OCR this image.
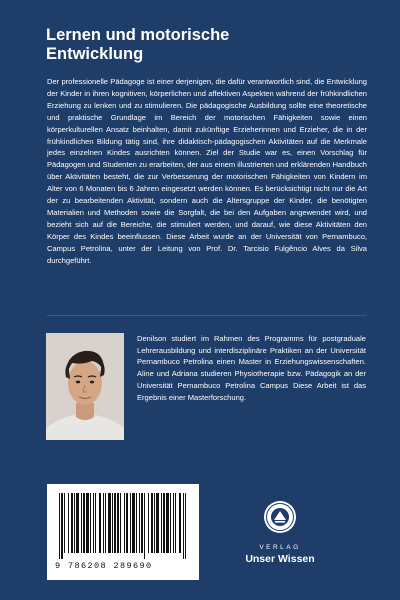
Lernen und motorische
Entwicklung

Der professionelle Pädagoge ist einer derjenigen, die dafür verantwortlich sind, die Entwicklung der Kinder in ihren kognitiven, körperlichen und affektiven Aspekten während der frühkindlichen Erziehung zu lenken und zu stimulieren. Die pädagogische Ausbildung sollte eine theoretische und praktische Grundlage im Bereich der motorischen Fähigkeiten sowie einen körperkulturellen Ansatz beinhalten, damit zukünftige Erzieherinnen und Erzieher, die in der frühkindlichen Bildung tätig sind, ihre didaktisch-pädagogischen Aktivitäten auf die Merkmale jedes einzelnen Kindes ausrichten können. Ziel der Studie war es, einen Vorschlag für Pädagogen und Studenten zu erarbeiten, der aus einem illustrierten und erklärenden Handbuch über Aktivitäten besteht, die zur Verbesserung der motorischen Fähigkeiten von Kindern im Alter von 6 Monaten bis 6 Jahren eingesetzt werden können. Es berücksichtigt nicht nur die Art der zu bearbeitenden Aktivität, sondern auch die Altersgruppe der Kinder, die benötigten Materialien und Methoden sowie die Sorgfalt, die bei den Aufgaben angewendet wird, und bezieht sich auf die Bereiche, die stimuliert werden, und darauf, wie diese Aktivitäten den Körper des Kindes beeinflussen. Diese Arbeit wurde an der Universität von Pernambuco, Campus Petrolina, unter der Leitung von Prof. Dr. Tarcisio Fulgêncio Alves da Silva durchgeführt.

Denilson studiert im Rahmen des Programms für postgraduale Lehrerausbildung und interdisziplinäre Praktiken an der Universität Pernambuco Petrolina einen Master in Erziehungswissenschaften. Aline und Adriana studieren Physiotherapie bzw. Pädagogik an der Universität Pernambuco Petrolina Campus Diese Arbeit ist das Ergebnis einer Masterforschung.

9 786208 289690
VERLAG
Unser Wissen
